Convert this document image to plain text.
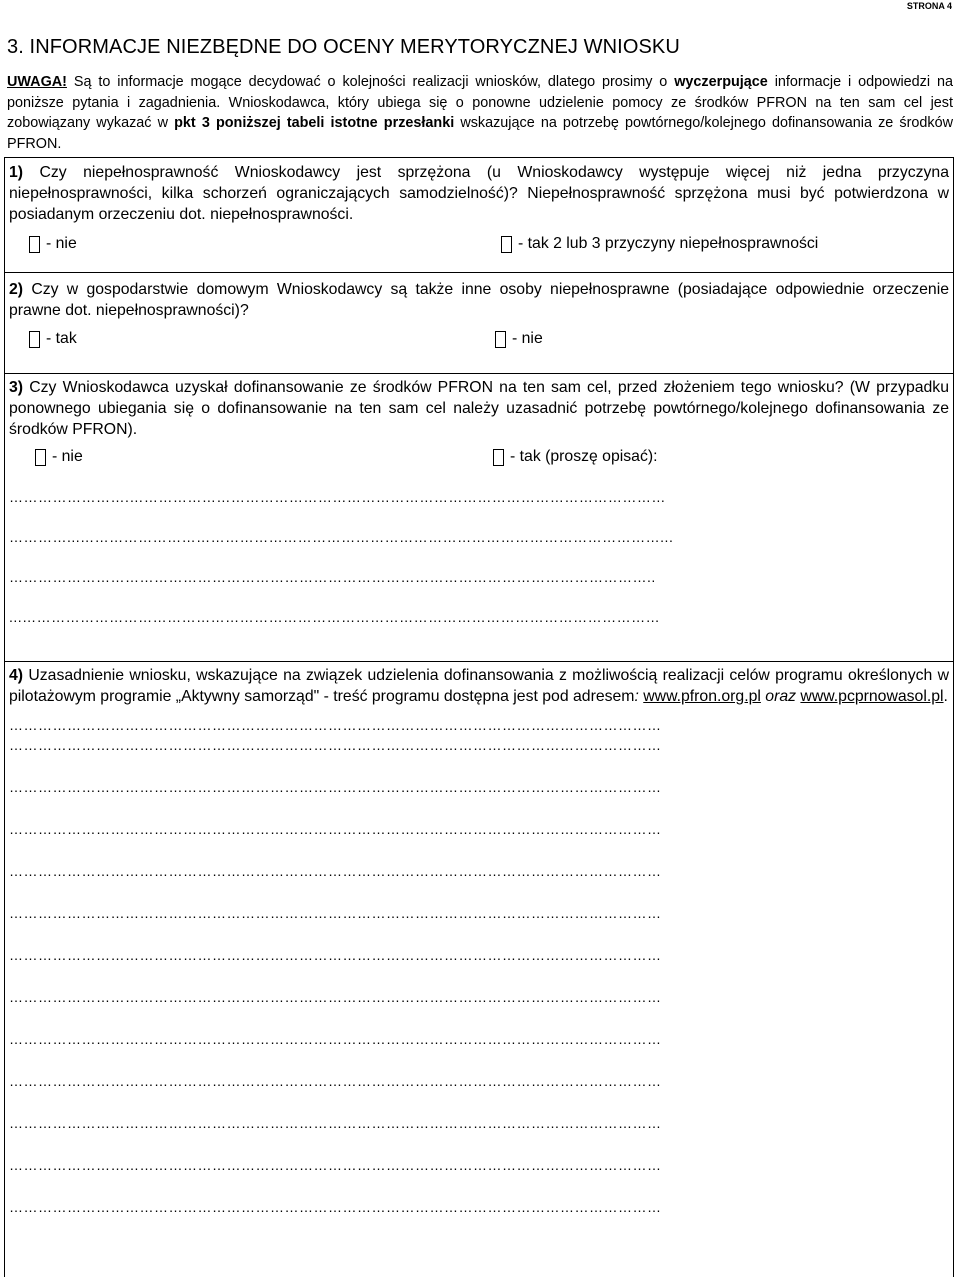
STRONA 4
3. INFORMACJE NIEZBĘDNE DO OCENY MERYTORYCZNEJ WNIOSKU
UWAGA! Są to informacje mogące decydować o kolejności realizacji wniosków, dlatego prosimy o wyczerpujące informacje i odpowiedzi na poniższe pytania i zagadnienia. Wnioskodawca, który ubiega się o ponowne udzielenie pomocy ze środków PFRON na ten sam cel jest zobowiązany wykazać w pkt 3 poniższej tabeli istotne przesłanki wskazujące na potrzebę powtórnego/kolejnego dofinansowania ze środków PFRON.

1) Czy niepełnosprawność Wnioskodawcy jest sprzężona (u Wnioskodawcy występuje więcej niż jedna przyczyna niepełnosprawności, kilka schorzeń ograniczających samodzielność)? Niepełnosprawność sprzężona musi być potwierdzona w posiadanym orzeczeniu dot. niepełnosprawności.

- nie	- tak 2 lub 3 przyczyny niepełnosprawności

2) Czy w gospodarstwie domowym Wnioskodawcy są także inne osoby niepełnosprawne (posiadające odpowiednie orzeczenie prawne dot. niepełnosprawności)?

- tak	- nie

3) Czy Wnioskodawca uzyskał dofinansowanie ze środków PFRON na ten sam cel, przed złożeniem tego wniosku? (W przypadku ponownego ubiegania się o dofinansowanie na ten sam cel należy uzasadnić potrzebę powtórnego/kolejnego dofinansowania ze środków PFRON).

- nie	- tak (proszę opisać):
…………………….…………………………………………………………………………………………………
…………...…………………………………………………………………………………………………………...
……………………………………………………………………………………………………………………..
...……………………………………………………………………………………………………………………

4) Uzasadnienie wniosku, wskazujące na związek udzielenia dofinansowania z możliwością realizacji celów programu określonych w pilotażowym programie „Aktywny samorząd" - treść programu dostępna jest pod adresem: www.pfron.org.pl oraz www.pcprnowasol.pl.

………………………………………………………………………………………………………………………
………………………………………………………………………………………………………………………
………………………………………………………………………………………………………………………
………………………………………………………………………………………………………………………
………………………………………………………………………………………………………………………
………………………………………………………………………………………………………………………
………………………………………………………………………………………………………………………
………………………………………………………………………………………………………………………
………………………………………………………………………………………………………………………
………………………………………………………………………………………………………………………
………………………………………………………………………………………………………………………
………………………………………………………………………………………………………………………
………………………………………………………………………………………………………………………
